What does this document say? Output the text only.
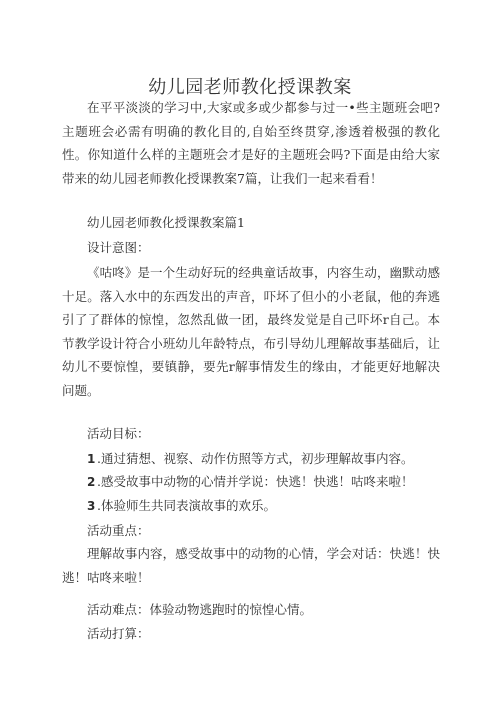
幼儿园老师教化授课教案
在平平淡淡的学习中,大家或多或少都参与过一•些主题班会吧?主题班会必需有明确的教化目的,自始至终贯穿,渗透着极强的教化性。你知道什么样的主题班会才是好的主题班会吗?下面是由给大家带来的幼儿园老师教化授课教案7篇，让我们一起来看看！
幼儿园老师教化授课教案篇1
设计意图：
《咕咚》是一个生动好玩的经典童话故事，内容生动，幽默动感十足。落入水中的东西发出的声音，吓坏了但小的小老鼠，他的奔逃引了了群体的惊惶，忽然乱做一团，最终发觉是自己吓坏r自己。本节教学设计符合小班幼儿年龄特点，布引导幼儿理解故事基础后，让幼儿不要惊惶，要镇静，要先r解事情发生的缘由，才能更好地解决问题。
活动目标：
1 .通过猜想、视察、动作仿照等方式，初步理解故事内容。
2 .感受故事中动物的心情并学说：快逃！快逃！咕咚来啦！
3 .体验师生共同表演故事的欢乐。
活动重点：
理解故事内容，感受故事中的动物的心情，学会对话：快逃！快逃！咕咚来啦！
活动难点：体验动物逃跑时的惊惶心情。
活动打算：
